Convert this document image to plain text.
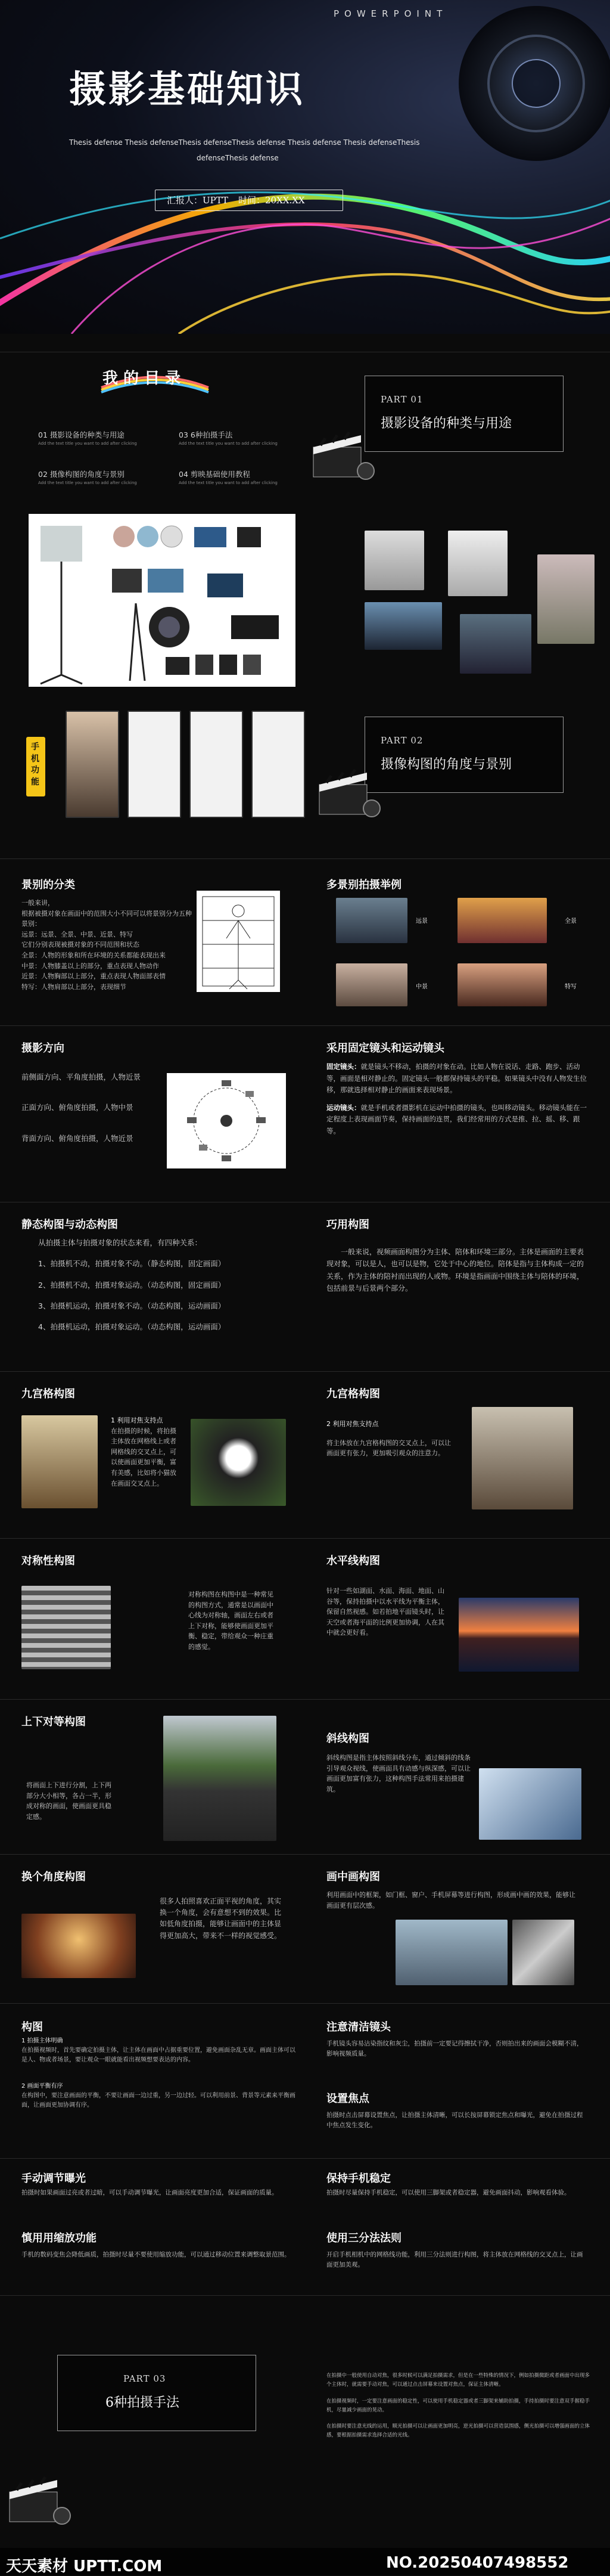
POWERPOINT
摄影基础知识
Thesis defense Thesis defenseThesis defenseThesis defense Thesis defense Thesis defenseThesis
defenseThesis defense
汇报人：UPTT 时间：20XX.XX
我 的 目 录
01 摄影设备的种类与用途
Add the text title you want to add after clicking
03 6种拍摄手法
Add the text title you want to add after clicking
02 摄像构图的角度与景别
Add the text title you want to add after clicking
04 剪映基础使用教程
Add the text title you want to add after clicking
PART 01
摄影设备的种类与用途
手机功能
PART 02
摄像构图的角度与景别
景别的分类
一般来讲，
根据被摄对象在画面中的范围大小不同可以将景别分为五种景别：
远景：远景、全景、中景、近景、特写
它们分别表现被摄对象的不同范围和状态
全景：人物的形象和所在环境的关系都能表现出来
中景：人物膝盖以上的部分，重点表现人物动作
近景：人物胸部以上部分，重点表现人物面部表情
特写：人物肩部以上部分，表现细节
多景别拍摄举例
远景	全景
中景	特写
摄影方向
前侧面方向、平角度拍摄，人物近景
正面方向、俯角度拍摄，人物中景
背面方向、俯角度拍摄，人物近景
采用固定镜头和运动镜头

固定镜头：就是镜头不移动，拍摄的对象在动。比如人物在说话、走路、跑步、活动等，画面是相对静止的。固定镜头一般都保持镜头的平稳。如果镜头中没有人物发生位移，那就选择相对静止的画面来表现场景。

运动镜头：就是手机或者摄影机在运动中拍摄的镜头，也叫移动镜头。移动镜头能在一定程度上表现画面节奏，保持画面的连贯，我们经常用的方式是推、拉、摇、移、跟等。

静态构图与动态构图
从拍摄主体与拍摄对象的状态来看，有四种关系：
1、拍摄机不动，拍摄对象不动。（静态构图，固定画面）
2、拍摄机不动，拍摄对象运动。（动态构图，固定画面）
3、拍摄机运动，拍摄对象不动。（动态构图，运动画面）
4、拍摄机运动，拍摄对象运动。（动态构图，运动画面）
巧用构图
一般来说，视频画面构图分为主体、陪体和环境三部分。主体是画面的主要表现对象，可以是人，也可以是物，它处于中心的地位。陪体是指与主体构成一定的关系，作为主体的陪衬而出现的人或物。环境是指画面中围绕主体与陪体的环境，包括前景与后景两个部分。
九宫格构图
1 利用对焦支持点
在拍摄的时候，将拍摄主体放在网格线上或者网格线的交叉点上，可以使画面更加平衡，富有美感，比如将小猫放在画面交叉点上。
九宫格构图
2 利用对焦支持点
将主体放在九宫格构图的交叉点上，可以让画面更有张力，更加吸引观众的注意力。
对称性构图
对称构图在构图中是一种常见的构图方式，通常是以画面中心线为对称轴，画面左右或者上下对称，能够使画面更加平衡、稳定，带给观众一种庄重的感觉。
水平线构图
针对一些如湖面、水面、海面、地面、山谷等，保持拍摄中以水平线为平衡主体，保留自然视感。如若拍地平面镜头时，让天空或者海平面的比例更加协调，人在其中就会更好看。
上下对等构图
将画面上下进行分割，上下两部分大小相等，各占一半，形成对称的画面，使画面更具稳定感。
斜线构图
斜线构图是指主体按照斜线分布，通过倾斜的线条引导观众视线，使画面具有动感与纵深感，可以让画面更加富有张力，这种构图手法常用来拍摄建筑。
换个角度构图
很多人拍照喜欢正面平视的角度，其实换一个角度，会有意想不到的效果。比如低角度拍摄，能够让画面中的主体显得更加高大，带来不一样的视觉感受。
画中画构图
利用画面中的框架，如门框、窗户、手机屏幕等进行构图，形成画中画的效果，能够让画面更有层次感。
构图
1 拍摄主体明确
在拍摄视频时，首先要确定拍摄主体，让主体在画面中占据重要位置，避免画面杂乱无章。画面主体可以是人、物或者场景，要让观众一眼就能看出视频想要表达的内容。
2 画面平衡有序
在构图中，要注意画面的平衡，不要让画面一边过重，另一边过轻。可以利用前景、背景等元素来平衡画面，让画面更加协调有序。
注意清洁镜头
手机镜头容易沾染指纹和灰尘，拍摄前一定要记得擦拭干净，否则拍出来的画面会模糊不清，影响视频质量。
设置焦点
拍摄时点击屏幕设置焦点，让拍摄主体清晰，可以长按屏幕锁定焦点和曝光，避免在拍摄过程中焦点发生变化。
手动调节曝光
拍摄时如果画面过亮或者过暗，可以手动调节曝光，让画面亮度更加合适，保证画面的质量。
慎用用缩放功能
手机的数码变焦会降低画质，拍摄时尽量不要使用缩放功能，可以通过移动位置来调整取景范围。
保持手机稳定
拍摄时尽量保持手机稳定，可以使用三脚架或者稳定器，避免画面抖动，影响观看体验。
使用三分法法则
开启手机相机中的网格线功能，利用三分法则进行构图，将主体放在网格线的交叉点上，让画面更加美观。
PART 03
6种拍摄手法

在拍摄中一般使用自动对焦，很多时候可以满足拍摄需求，但是在一些特殊的情况下，例如拍摄微距或者画面中出现多个主体时，就需要手动对焦，可以通过点击屏幕来设置对焦点，保证主体清晰。

在拍摄视频时，一定要注意画面的稳定性，可以使用手机稳定器或者三脚架来辅助拍摄，手持拍摄时要注意双手握稳手机，尽量减少画面的晃动。

在拍摄时要注意光线的运用，顺光拍摄可以让画面更加明亮，逆光拍摄可以营造氛围感，侧光拍摄可以增强画面的立体感，要根据拍摄需求选择合适的光线。

天天素材 UPTT.COM	NO.20250407498552
